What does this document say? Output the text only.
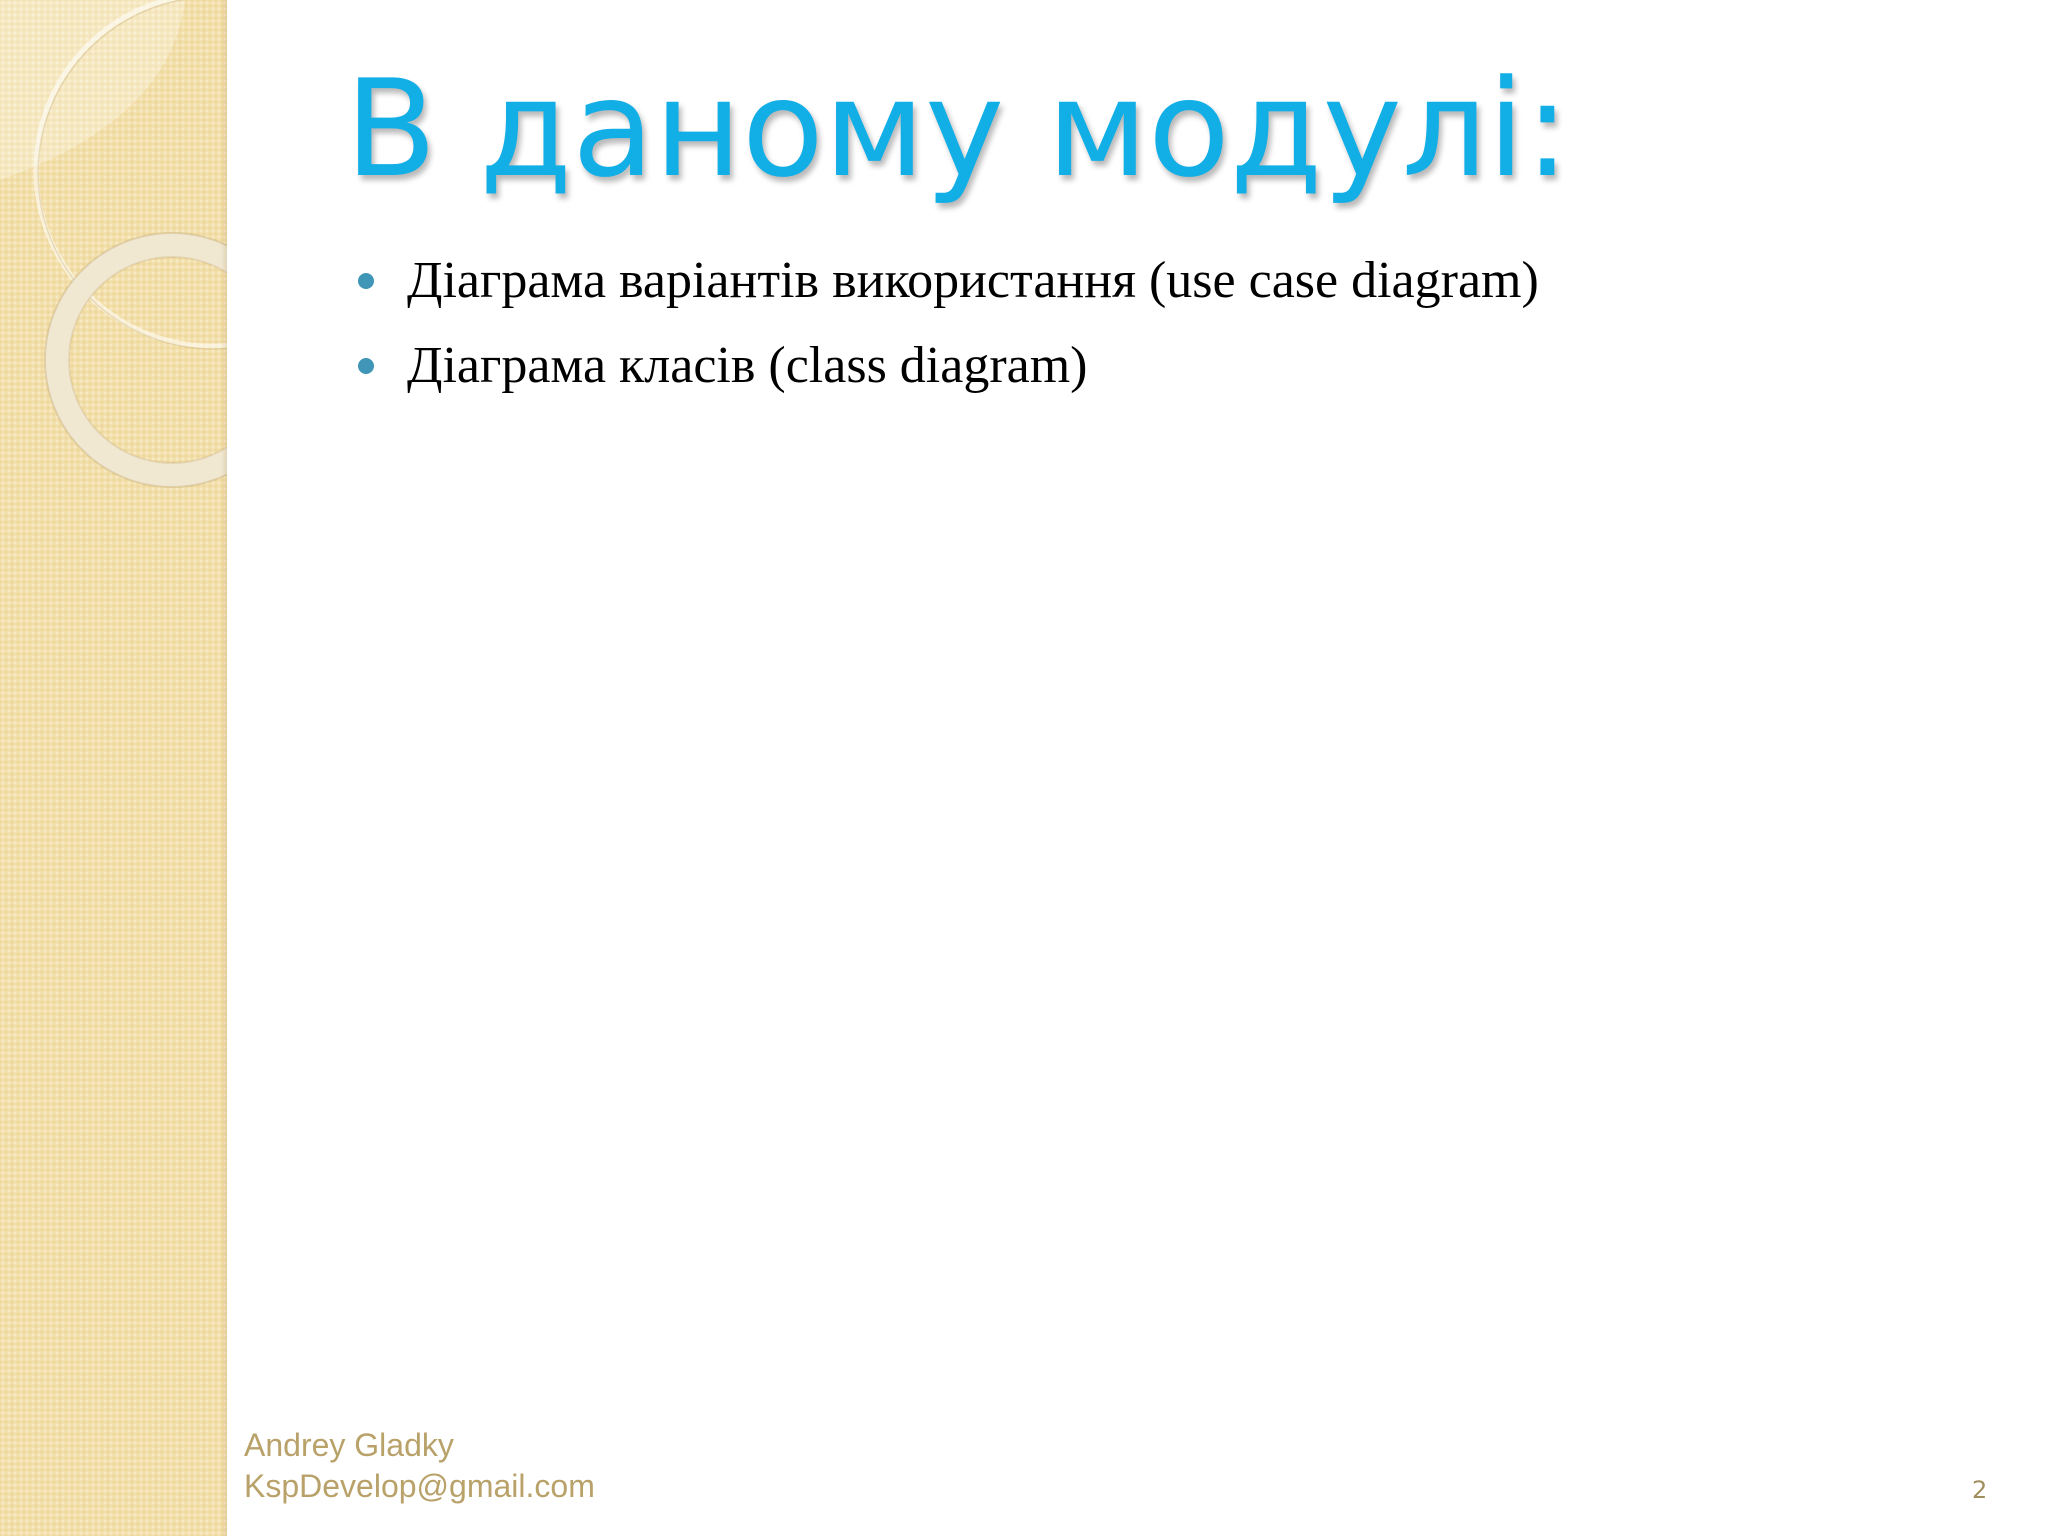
В даному модулі:
Діаграма варіантів використання (use case diagram)
Діаграма класів (class diagram)
Andrey Gladky
KspDevelop@gmail.com	2
